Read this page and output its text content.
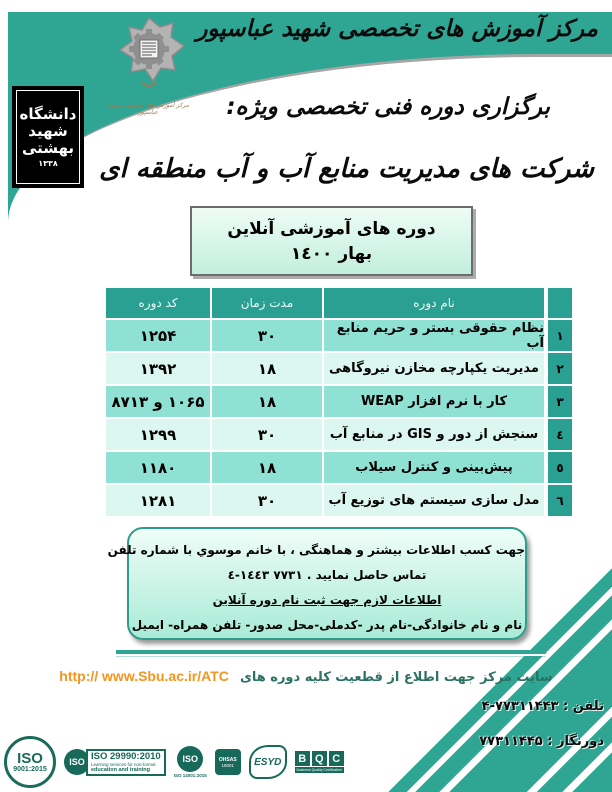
مرکز آموزش های تخصصی شهید عباسپور
برگزاری دوره فنی تخصصی ویژه:
شرکت های مدیریت منابع آب و آب منطقه ای
مرکز آموزش های تخصصی شهید عباسپور
دانشگاه
شهید
بهشتی
۱۳۳۸
دوره های آموزشی آنلاین
بهار ١٤٠٠
كد دوره	مدت زمان	نام دوره
۱۲۵۴	۳۰	نظام حقوقی بستر و حریم منابع آب	۱
۱۳۹۲	۱۸	مدیریت یکپارچه مخازن نیروگاهی	۲
۱۰۶۵ و ۸۷۱۳	۱۸	کار با نرم افزار WEAP	۳
۱۲۹۹	۳۰	سنجش از دور و GIS در منابع آب	٤
۱۱۸۰	۱۸	پیش‌بینی و کنترل سیلاب	٥
۱۲۸۱	۳۰	مدل سازی سیستم های توزیع آب	٦
جهت کسب اطلاعات بیشتر و هماهنگی ، با خانم موسوي با شماره تلفن
تماس حاصل نمایید . ٧٧٣١ ١٤٤٣-٤
اطلاعات لازم جهت ثبت نام دوره آنلاین
نام و نام خانوادگی-نام پدر -کدملی-محل صدور- تلفن همراه- ایمیل
سایت مرکز جهت اطلاع از قطعیت کلیه دوره های http:// www.Sbu.ac.ir/ATC
ISO
9001:2015
ISO
ISO 29990:2010
Learning services for non-formal
education and training
ISO
ISO 14001:2015
OHSAS
18001	ESYD	B Q C
Business Quality Certification
تلفن : ۷۷۳۱۱۴۴۳-۴
دورنگار : ۷۷۳۱۱۴۴۵
